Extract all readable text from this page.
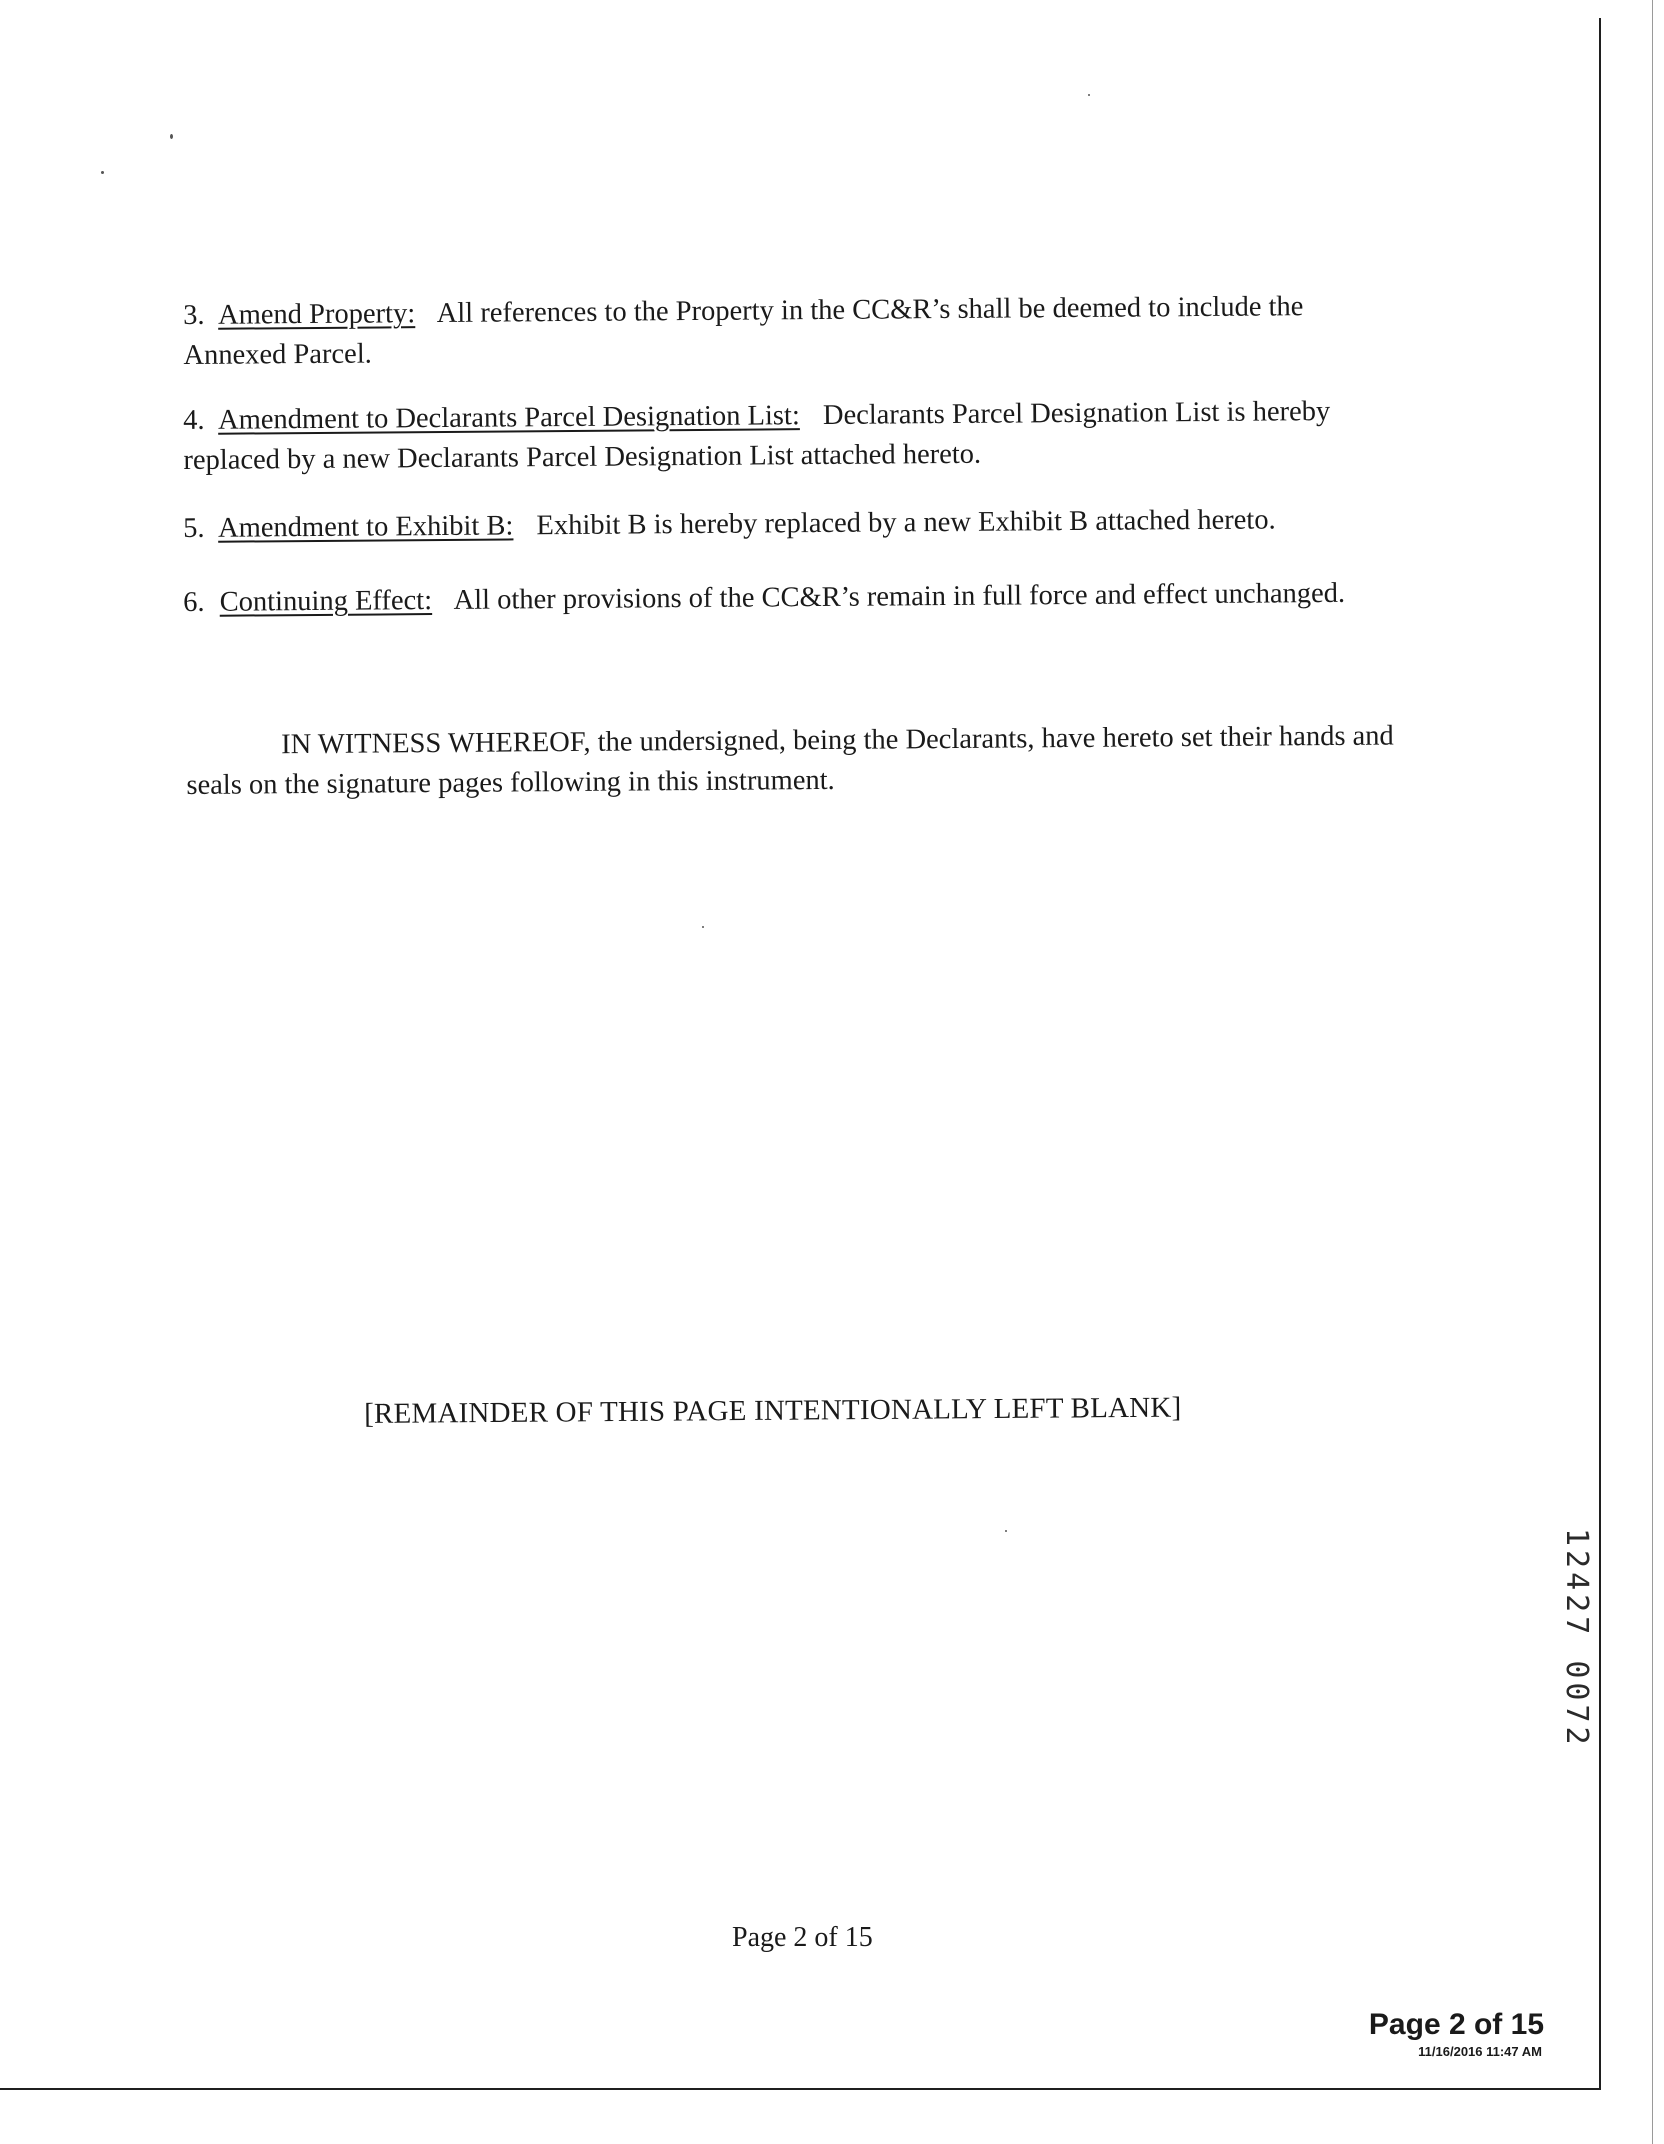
3. Amend Property: All references to the Property in the CC&R’s shall be deemed to include the Annexed Parcel.

4. Amendment to Declarants Parcel Designation List: Declarants Parcel Designation List is hereby replaced by a new Declarants Parcel Designation List attached hereto.

5. Amendment to Exhibit B: Exhibit B is hereby replaced by a new Exhibit B attached hereto.

6. Continuing Effect: All other provisions of the CC&R’s remain in full force and effect unchanged.

IN WITNESS WHEREOF, the undersigned, being the Declarants, have hereto set their hands and seals on the signature pages following in this instrument.

[REMAINDER OF THIS PAGE INTENTIONALLY LEFT BLANK]

12427 0072

Page 2 of 15

Page 2 of 15

11/16/2016 11:47 AM
